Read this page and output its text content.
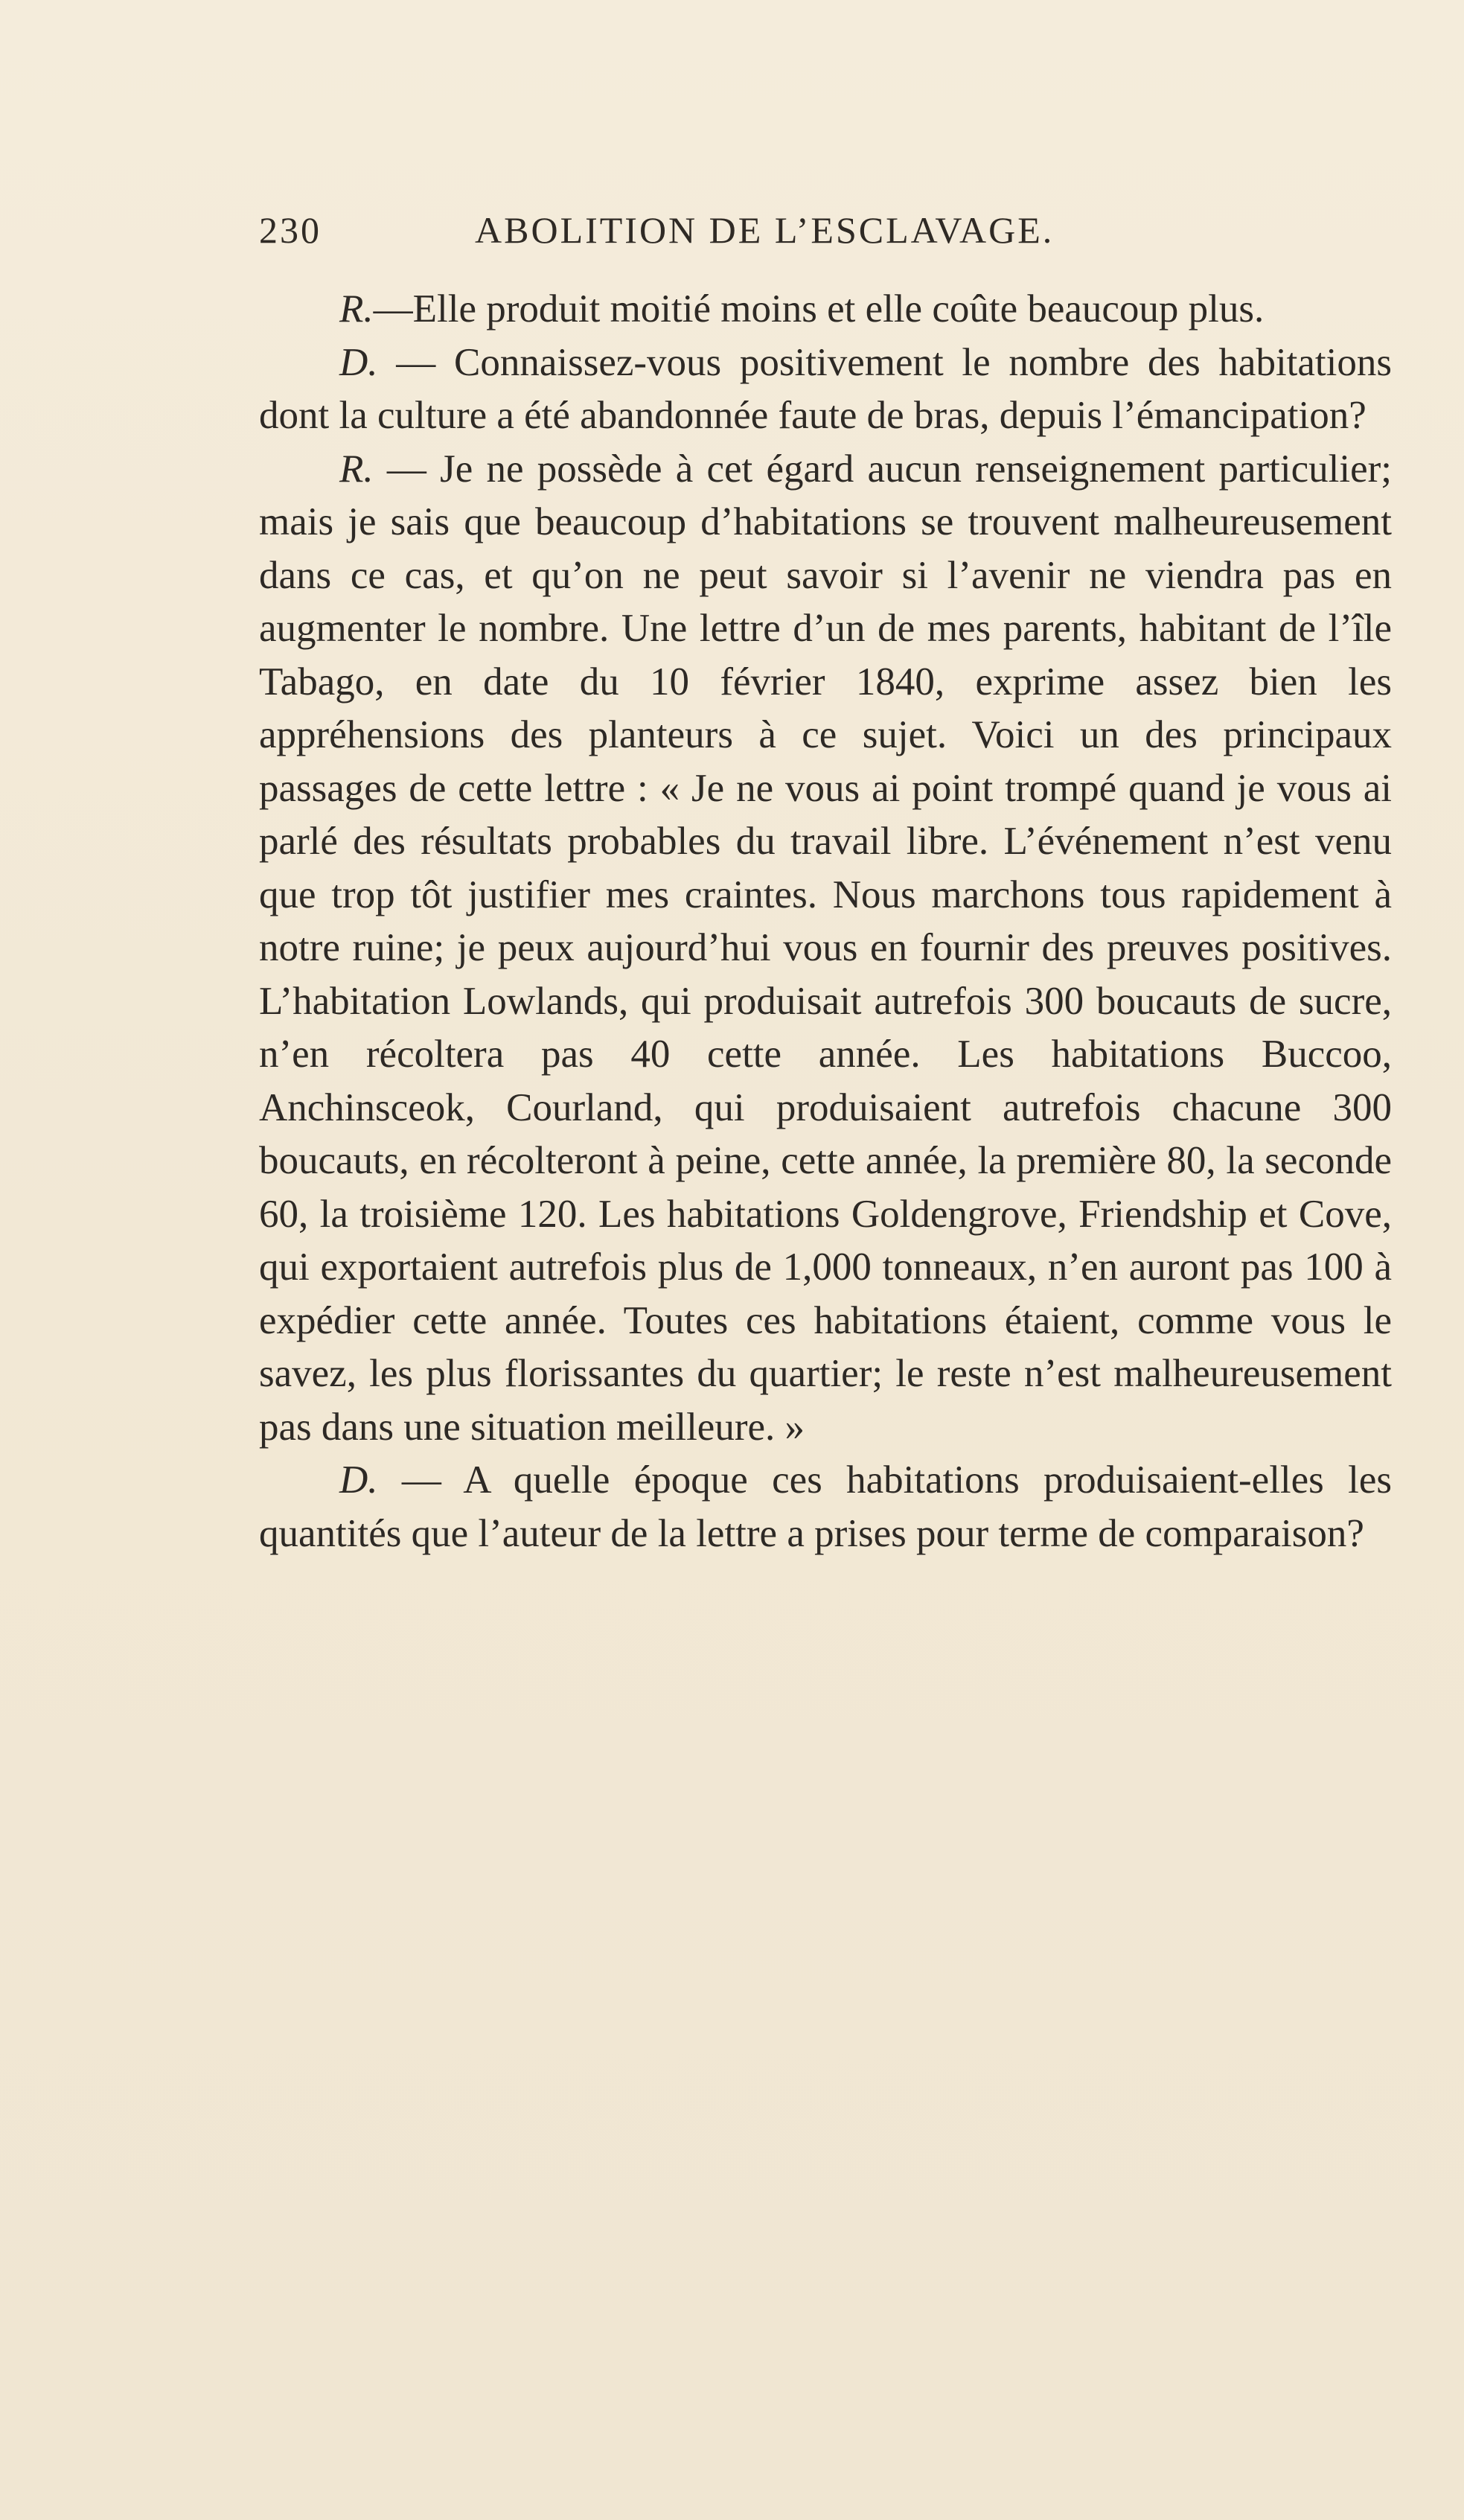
230	ABOLITION DE L’ESCLAVAGE.

R.—Elle produit moitié moins et elle coûte beaucoup plus.

D. — Connaissez-vous positivement le nombre des habitations dont la culture a été abandonnée faute de bras, depuis l’émancipation?

R. — Je ne possède à cet égard aucun renseignement particulier; mais je sais que beaucoup d’habitations se trouvent malheureusement dans ce cas, et qu’on ne peut savoir si l’avenir ne viendra pas en augmenter le nombre. Une lettre d’un de mes parents, habitant de l’île Tabago, en date du 10 février 1840, exprime assez bien les appréhensions des planteurs à ce sujet. Voici un des principaux passages de cette lettre : « Je ne vous ai point trompé quand je vous ai parlé des résultats probables du travail libre. L’événement n’est venu que trop tôt justifier mes craintes. Nous marchons tous rapidement à notre ruine; je peux aujourd’hui vous en fournir des preuves positives. L’habitation Lowlands, qui produisait autrefois 300 boucauts de sucre, n’en récoltera pas 40 cette année. Les habitations Buccoo, Anchinsceok, Courland, qui produisaient autrefois chacune 300 boucauts, en récolteront à peine, cette année, la première 80, la seconde 60, la troisième 120. Les habitations Goldengrove, Friendship et Cove, qui exportaient autrefois plus de 1,000 tonneaux, n’en auront pas 100 à expédier cette année. Toutes ces habitations étaient, comme vous le savez, les plus florissantes du quartier; le reste n’est malheureusement pas dans une situation meilleure. »

D. — A quelle époque ces habitations produisaient-elles les quantités que l’auteur de la lettre a prises pour terme de comparaison?
